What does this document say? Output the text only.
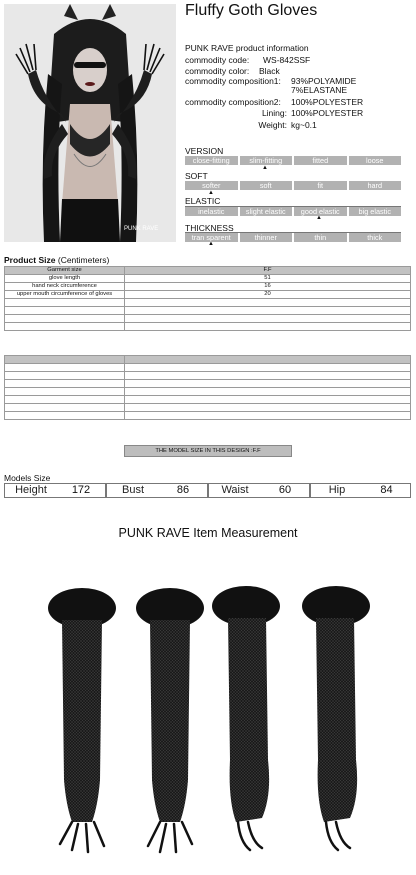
PUNK RAVE
Fluffy Goth Gloves
PUNK RAVE product information
commodity code: WS-842SSF
commodity color: Black
commodity composition1: 93%POLYAMIDE
7%ELASTANE
commodity composition2: 100%POLYESTER
Lining: 100%POLYESTER
Weight: kg~0.1
VERSION
close-fitting	slim-fitting	fitted	loose
▲
SOFT
softer	soft	fit	hard
▲
ELASTIC
inelastic	slight elastic	good elastic	big elastic
▲
THICKNESS
tran sparent	thinner	thin	thick
▲
Product Size (Centimeters)
Garment size	F.F
glove length	51
hand neck circumference	16
upper mouth circumference of gloves	20

THE MODEL SIZE IN THIS DESIGN :F.F
Models Size
Height	172	Bust	86	Waist	60	Hip	84
PUNK RAVE Item Measurement
